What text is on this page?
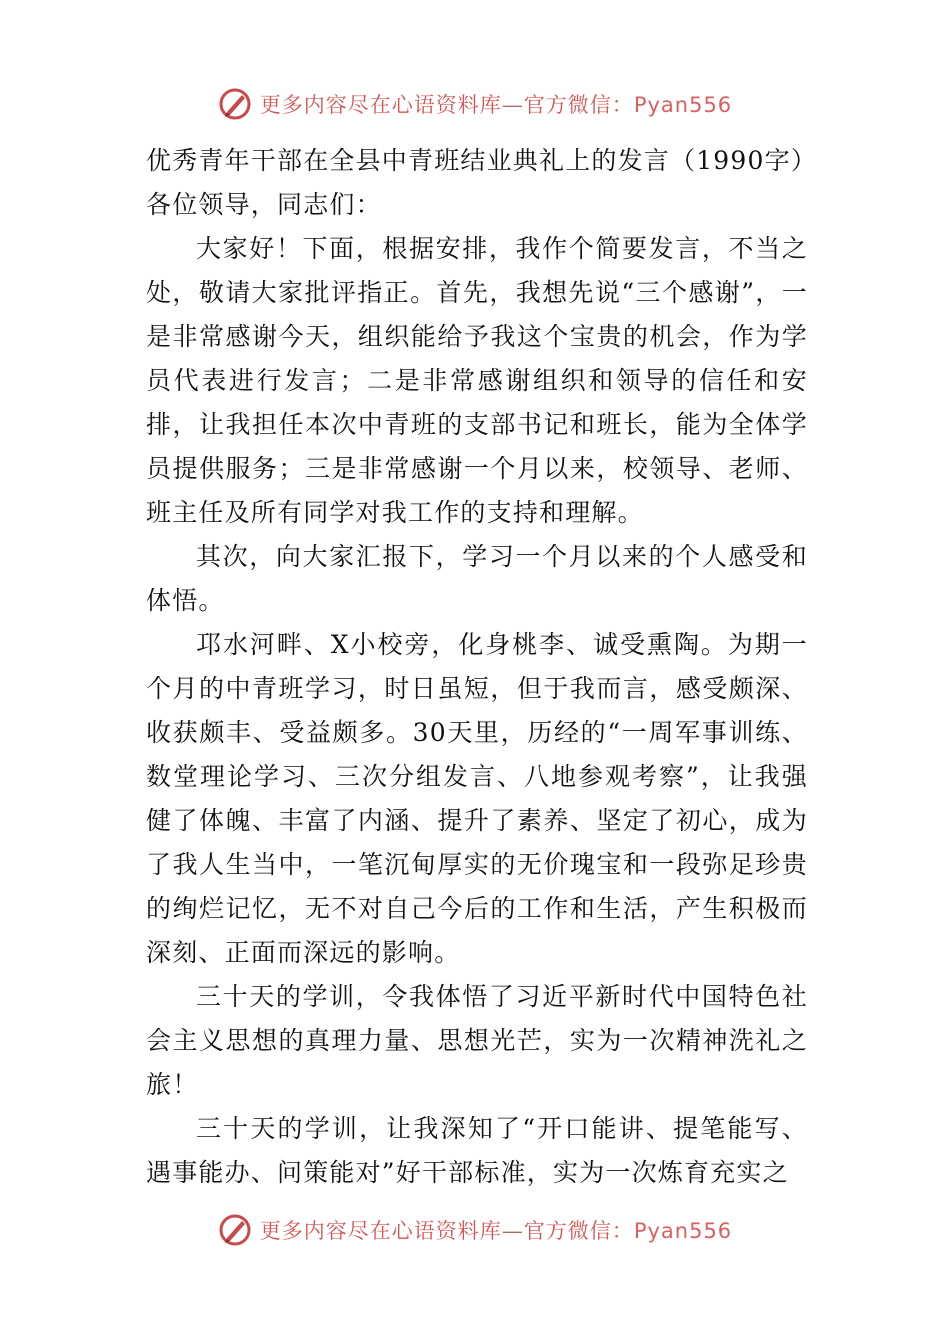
更多内容尽在心语资料库—官方微信：Pyan556
优秀青年干部在全县中青班结业典礼上的发言（1990字）
各位领导，同志们：
大家好！下面，根据安排，我作个简要发言，不当之处，敬请大家批评指正。首先，我想先说“三个感谢”，一是非常感谢今天，组织能给予我这个宝贵的机会，作为学员代表进行发言；二是非常感谢组织和领导的信任和安排，让我担任本次中青班的支部书记和班长，能为全体学员提供服务；三是非常感谢一个月以来，校领导、老师、班主任及所有同学对我工作的支持和理解。
其次，向大家汇报下，学习一个月以来的个人感受和体悟。
邛水河畔、X小校旁，化身桃李、诚受熏陶。为期一个月的中青班学习，时日虽短，但于我而言，感受颇深、收获颇丰、受益颇多。30天里，历经的“一周军事训练、数堂理论学习、三次分组发言、八地参观考察”，让我强健了体魄、丰富了内涵、提升了素养、坚定了初心，成为了我人生当中，一笔沉甸厚实的无价瑰宝和一段弥足珍贵的绚烂记忆，无不对自己今后的工作和生活，产生积极而深刻、正面而深远的影响。
三十天的学训，令我体悟了习近平新时代中国特色社会主义思想的真理力量、思想光芒，实为一次精神洗礼之旅！
三十天的学训，让我深知了“开口能讲、提笔能写、遇事能办、问策能对”好干部标准，实为一次炼育充实之
更多内容尽在心语资料库—官方微信：Pyan556
